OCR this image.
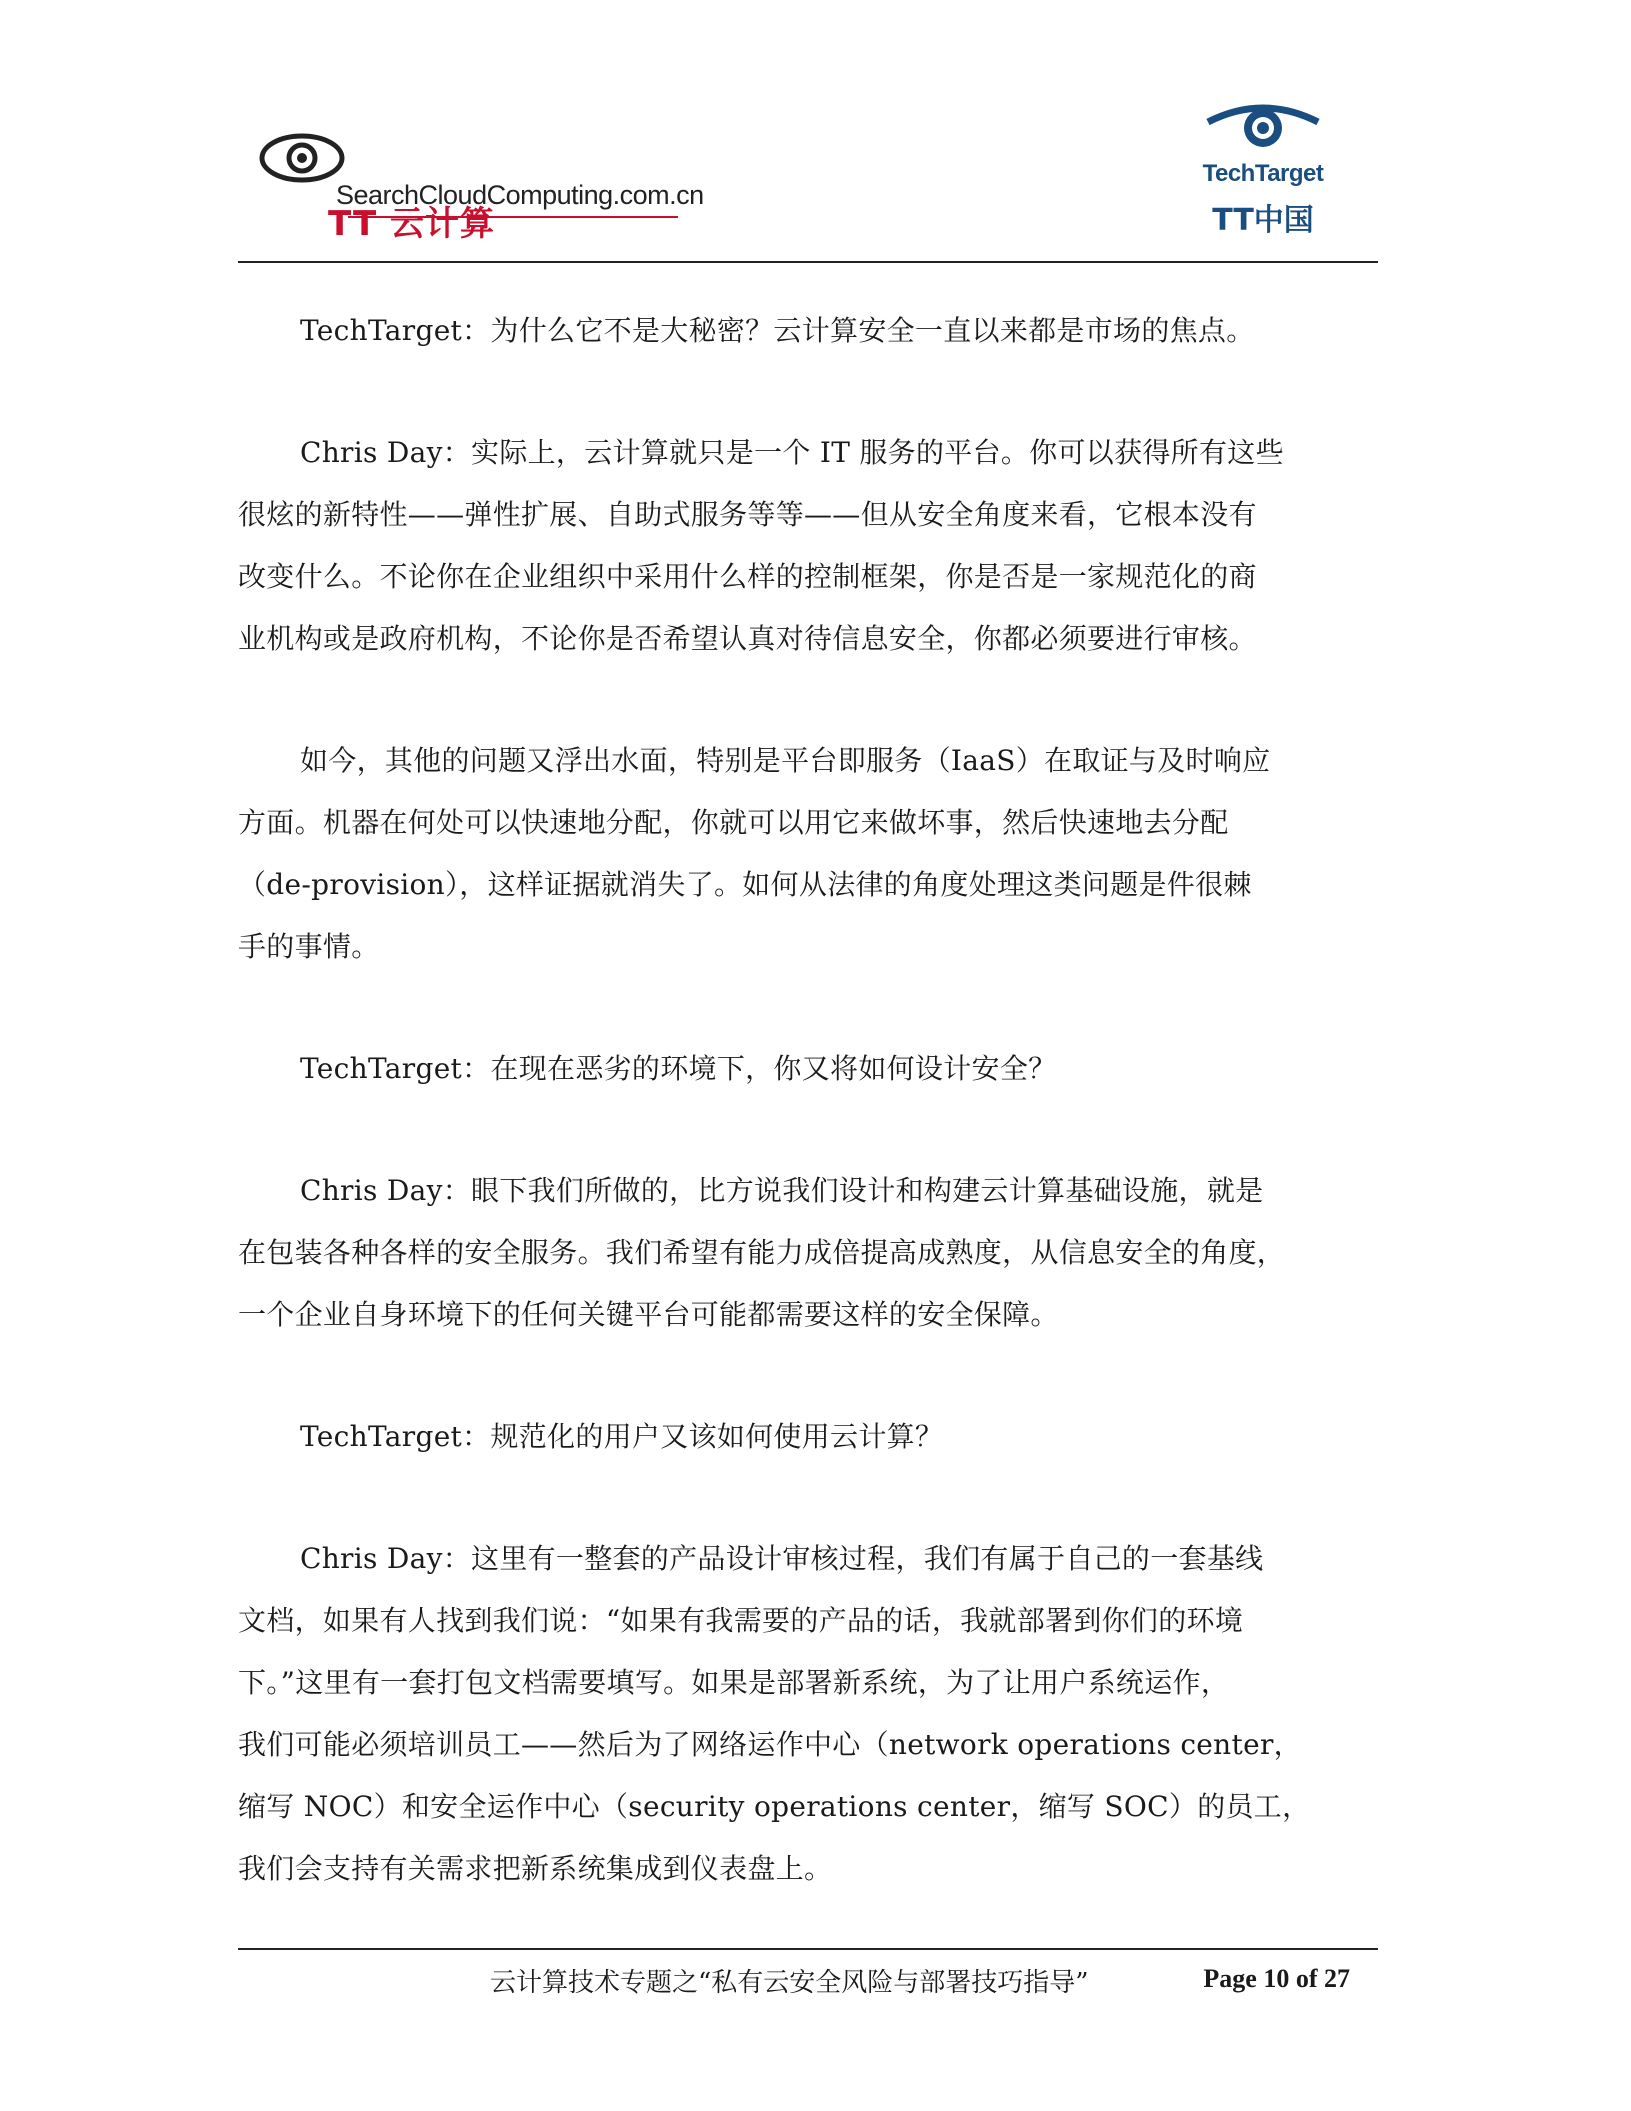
SearchCloudComputing.com.cn
TT 云计算
TechTarget
TT中国

TechTarget：为什么它不是大秘密？云计算安全一直以来都是市场的焦点。

Chris Day：实际上，云计算就只是一个 IT 服务的平台。你可以获得所有这些
很炫的新特性——弹性扩展、自助式服务等等——但从安全角度来看，它根本没有
改变什么。不论你在企业组织中采用什么样的控制框架，你是否是一家规范化的商
业机构或是政府机构，不论你是否希望认真对待信息安全，你都必须要进行审核。

如今，其他的问题又浮出水面，特别是平台即服务（IaaS）在取证与及时响应
方面。机器在何处可以快速地分配，你就可以用它来做坏事，然后快速地去分配
（de-provision），这样证据就消失了。如何从法律的角度处理这类问题是件很棘
手的事情。

TechTarget：在现在恶劣的环境下，你又将如何设计安全？

Chris Day：眼下我们所做的，比方说我们设计和构建云计算基础设施，就是
在包装各种各样的安全服务。我们希望有能力成倍提高成熟度，从信息安全的角度，
一个企业自身环境下的任何关键平台可能都需要这样的安全保障。

TechTarget：规范化的用户又该如何使用云计算？

Chris Day：这里有一整套的产品设计审核过程，我们有属于自己的一套基线
文档，如果有人找到我们说：“如果有我需要的产品的话，我就部署到你们的环境
下。”这里有一套打包文档需要填写。如果是部署新系统，为了让用户系统运作，
我们可能必须培训员工——然后为了网络运作中心（network operations center，
缩写 NOC）和安全运作中心（security operations center，缩写 SOC）的员工，
我们会支持有关需求把新系统集成到仪表盘上。

云计算技术专题之“私有云安全风险与部署技巧指导”	Page 10 of 27
